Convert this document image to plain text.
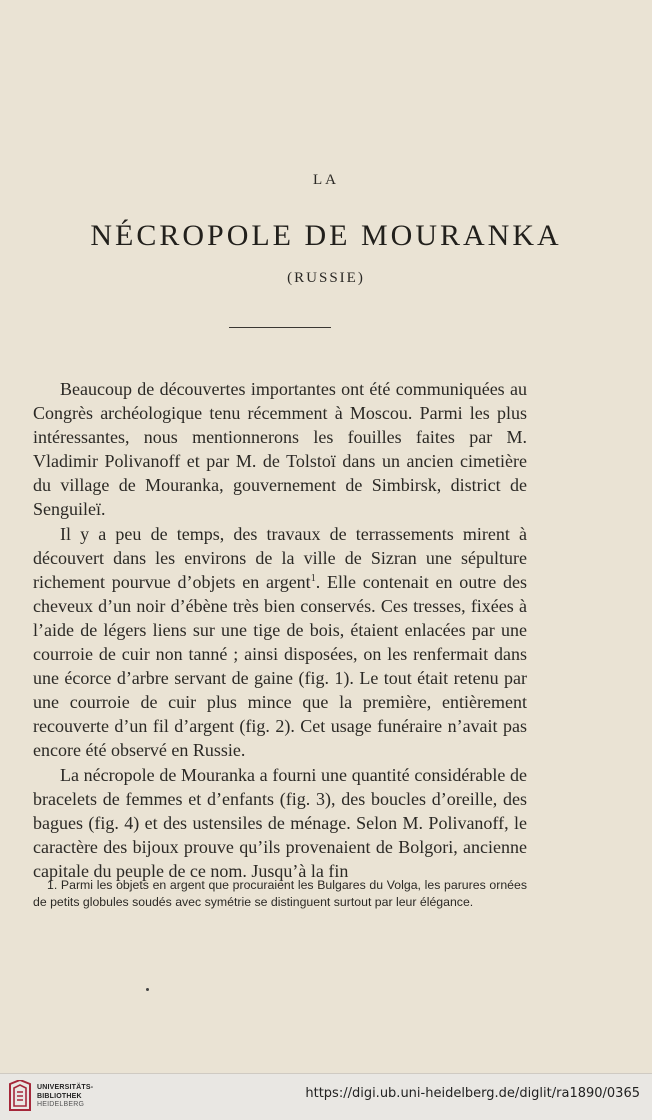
LA
NÉCROPOLE DE MOURANKA
(RUSSIE)

Beaucoup de découvertes importantes ont été communiquées au Congrès archéologique tenu récemment à Moscou. Parmi les plus intéressantes, nous mentionnerons les fouilles faites par M. Vladimir Polivanoff et par M. de Tolstoï dans un ancien cimetière du village de Mouranka, gouvernement de Simbirsk, district de Senguileï.

Il y a peu de temps, des travaux de terrassements mirent à découvert dans les environs de la ville de Sizran une sépulture richement pourvue d’objets en argent$^1$. Elle contenait en outre des cheveux d’un noir d’ébène très bien conservés. Ces tresses, fixées à l’aide de légers liens sur une tige de bois, étaient enlacées par une courroie de cuir non tanné ; ainsi disposées, on les renfermait dans une écorce d’arbre servant de gaine (fig. 1). Le tout était retenu par une courroie de cuir plus mince que la première, entièrement recouverte d’un fil d’argent (fig. 2). Cet usage funéraire n’avait pas encore été observé en Russie.

La nécropole de Mouranka a fourni une quantité considérable de bracelets de femmes et d’enfants (fig. 3), des boucles d’oreille, des bagues (fig. 4) et des ustensiles de ménage. Selon M. Polivanoff, le caractère des bijoux prouve qu’ils provenaient de Bolgori, ancienne capitale du peuple de ce nom. Jusqu’à la fin

1. Parmi les objets en argent que procuraient les Bulgares du Volga, les parures ornées de petits globules soudés avec symétrie se distinguent surtout par leur élégance.
UNIVERSITÄTS-
BIBLIOTHEK
HEIDELBERG
https://digi.ub.uni-heidelberg.de/diglit/ra1890/0365
